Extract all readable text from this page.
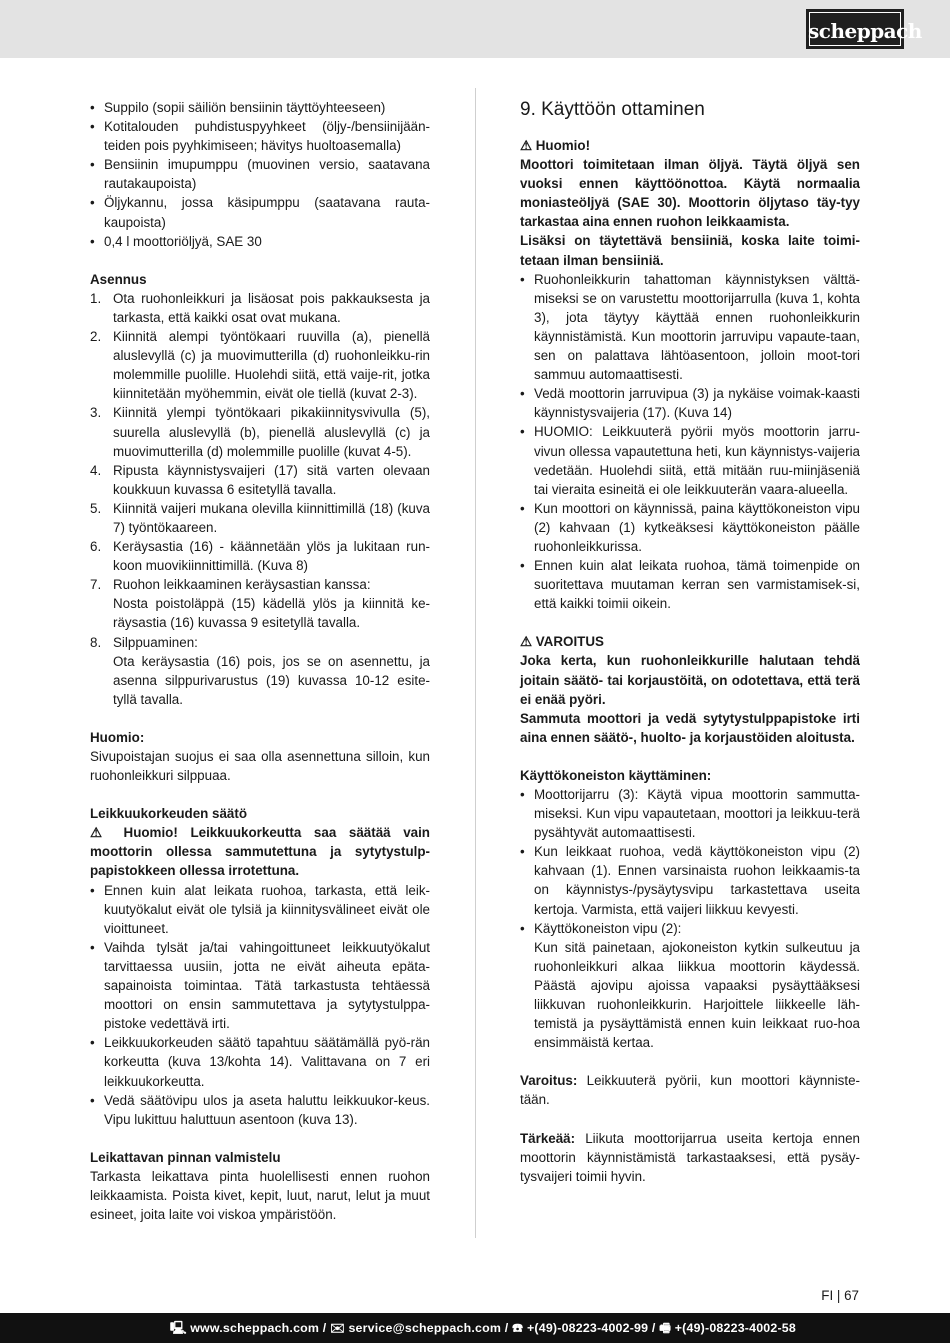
scheppach
• Suppilo (sopii säiliön bensiinin täyttöyhteeseen)
• Kotitalouden puhdistuspyyhkeet (öljy-/bensiinijään-teiden pois pyyhkimiseen; hävitys huoltoasemalla)
• Bensiinin imupumppu (muovinen versio, saatavana rautakaupoista)
• Öljykannu, jossa käsipumppu (saatavana rauta-kaupoista)
• 0,4 l moottoriöljyä, SAE 30

Asennus

1. Ota ruohonleikkuri ja lisäosat pois pakkauksesta ja tarkasta, että kaikki osat ovat mukana.
2. Kiinnitä alempi työntökaari ruuvilla (a), pienellä aluslevyllä (c) ja muovimutterilla (d) ruohonleikku-rin molemmille puolille. Huolehdi siitä, että vaije-rit, jotka kiinnitetään myöhemmin, eivät ole tiellä (kuvat 2-3).
3. Kiinnitä ylempi työntökaari pikakiinnitysvivulla (5), suurella aluslevyllä (b), pienellä aluslevyllä (c) ja muovimutterilla (d) molemmille puolille (kuvat 4-5).
4. Ripusta käynnistysvaijeri (17) sitä varten olevaan koukkuun kuvassa 6 esitetyllä tavalla.
5. Kiinnitä vaijeri mukana olevilla kiinnittimillä (18) (kuva 7) työntökaareen.
6. Keräysastia (16) - käännetään ylös ja lukitaan run-koon muovikiinnittimillä. (Kuva 8)
7. Ruohon leikkaaminen keräysastian kanssa:
Nosta poistoläppä (15) kädellä ylös ja kiinnitä ke-räysastia (16) kuvassa 9 esitetyllä tavalla.
8. Silppuaminen:
Ota keräysastia (16) pois, jos se on asennettu, ja asenna silppurivarustus (19) kuvassa 10-12 esite-tyllä tavalla.

Huomio:

Sivupoistajan suojus ei saa olla asennettuna silloin, kun ruohonleikkuri silppuaa.

Leikkuukorkeuden säätö

⚠ Huomio! Leikkuukorkeutta saa säätää vain moottorin ollessa sammutettuna ja sytytystulp-papistokkeen ollessa irrotettuna.

• Ennen kuin alat leikata ruohoa, tarkasta, että leik-kuutyökalut eivät ole tylsiä ja kiinnitysvälineet eivät ole vioittuneet.
• Vaihda tylsät ja/tai vahingoittuneet leikkuutyökalut tarvittaessa uusiin, jotta ne eivät aiheuta epäta-sapainoista toimintaa. Tätä tarkastusta tehtäessä moottori on ensin sammutettava ja sytytystulppa-pistoke vedettävä irti.
• Leikkuukorkeuden säätö tapahtuu säätämällä pyö-rän korkeutta (kuva 13/kohta 14). Valittavana on 7 eri leikkuukorkeutta.
• Vedä säätövipu ulos ja aseta haluttu leikkuukor-keus. Vipu lukittuu haluttuun asentoon (kuva 13).

Leikattavan pinnan valmistelu

Tarkasta leikattava pinta huolellisesti ennen ruohon leikkaamista. Poista kivet, kepit, luut, narut, lelut ja muut esineet, joita laite voi viskoa ympäristöön.

9. Käyttöön ottaminen

⚠ Huomio!

Moottori toimitetaan ilman öljyä. Täytä öljyä sen vuoksi ennen käyttöönottoa. Käytä normaalia moniasteöljyä (SAE 30). Moottorin öljytaso täy-tyy tarkastaa aina ennen ruohon leikkaamista.

Lisäksi on täytettävä bensiiniä, koska laite toimi-tetaan ilman bensiiniä.

• Ruohonleikkurin tahattoman käynnistyksen välttä-miseksi se on varustettu moottorijarrulla (kuva 1, kohta 3), jota täytyy käyttää ennen ruohonleikkurin käynnistämistä. Kun moottorin jarruvipu vapaute-taan, sen on palattava lähtöasentoon, jolloin moot-tori sammuu automaattisesti.
• Vedä moottorin jarruvipua (3) ja nykäise voimak-kaasti käynnistysvaijeria (17). (Kuva 14)
• HUOMIO: Leikkuuterä pyörii myös moottorin jarru-vivun ollessa vapautettuna heti, kun käynnistys-vaijeria vedetään. Huolehdi siitä, että mitään ruu-miinjäseniä tai vieraita esineitä ei ole leikkuuterän vaara-alueella.
• Kun moottori on käynnissä, paina käyttökoneiston vipu (2) kahvaan (1) kytkeäksesi käyttökoneiston päälle ruohonleikkurissa.
• Ennen kuin alat leikata ruohoa, tämä toimenpide on suoritettava muutaman kerran sen varmistamisek-si, että kaikki toimii oikein.

⚠ VAROITUS

Joka kerta, kun ruohonleikkurille halutaan tehdä joitain säätö- tai korjaustöitä, on odotettava, että terä ei enää pyöri.

Sammuta moottori ja vedä sytytystulppapistoke irti aina ennen säätö-, huolto- ja korjaustöiden aloitusta.

Käyttökoneiston käyttäminen:

• Moottorijarru (3): Käytä vipua moottorin sammutta-miseksi. Kun vipu vapautetaan, moottori ja leikkuu-terä pysähtyvät automaattisesti.
• Kun leikkaat ruohoa, vedä käyttökoneiston vipu (2) kahvaan (1). Ennen varsinaista ruohon leikkaamis-ta on käynnistys-/pysäytysvipu tarkastettava useita kertoja. Varmista, että vaijeri liikkuu kevyesti.
• Käyttökoneiston vipu (2):
Kun sitä painetaan, ajokoneiston kytkin sulkeutuu ja ruohonleikkuri alkaa liikkua moottorin käydessä. Päästä ajovipu ajoissa vapaaksi pysäyttääksesi liikkuvan ruohonleikkurin. Harjoittele liikkeelle läh-temistä ja pysäyttämistä ennen kuin leikkaat ruo-hoa ensimmäistä kertaa.

Varoitus: Leikkuuterä pyörii, kun moottori käynniste-tään.

Tärkeää: Liikuta moottorijarrua useita kertoja ennen moottorin käynnistämistä tarkastaaksesi, että pysäy-tysvaijeri toimii hyvin.

FI | 67
🖳 www.scheppach.com / ✉ service@scheppach.com / ☎ +(49)-08223-4002-99 / 🖷 +(49)-08223-4002-58
